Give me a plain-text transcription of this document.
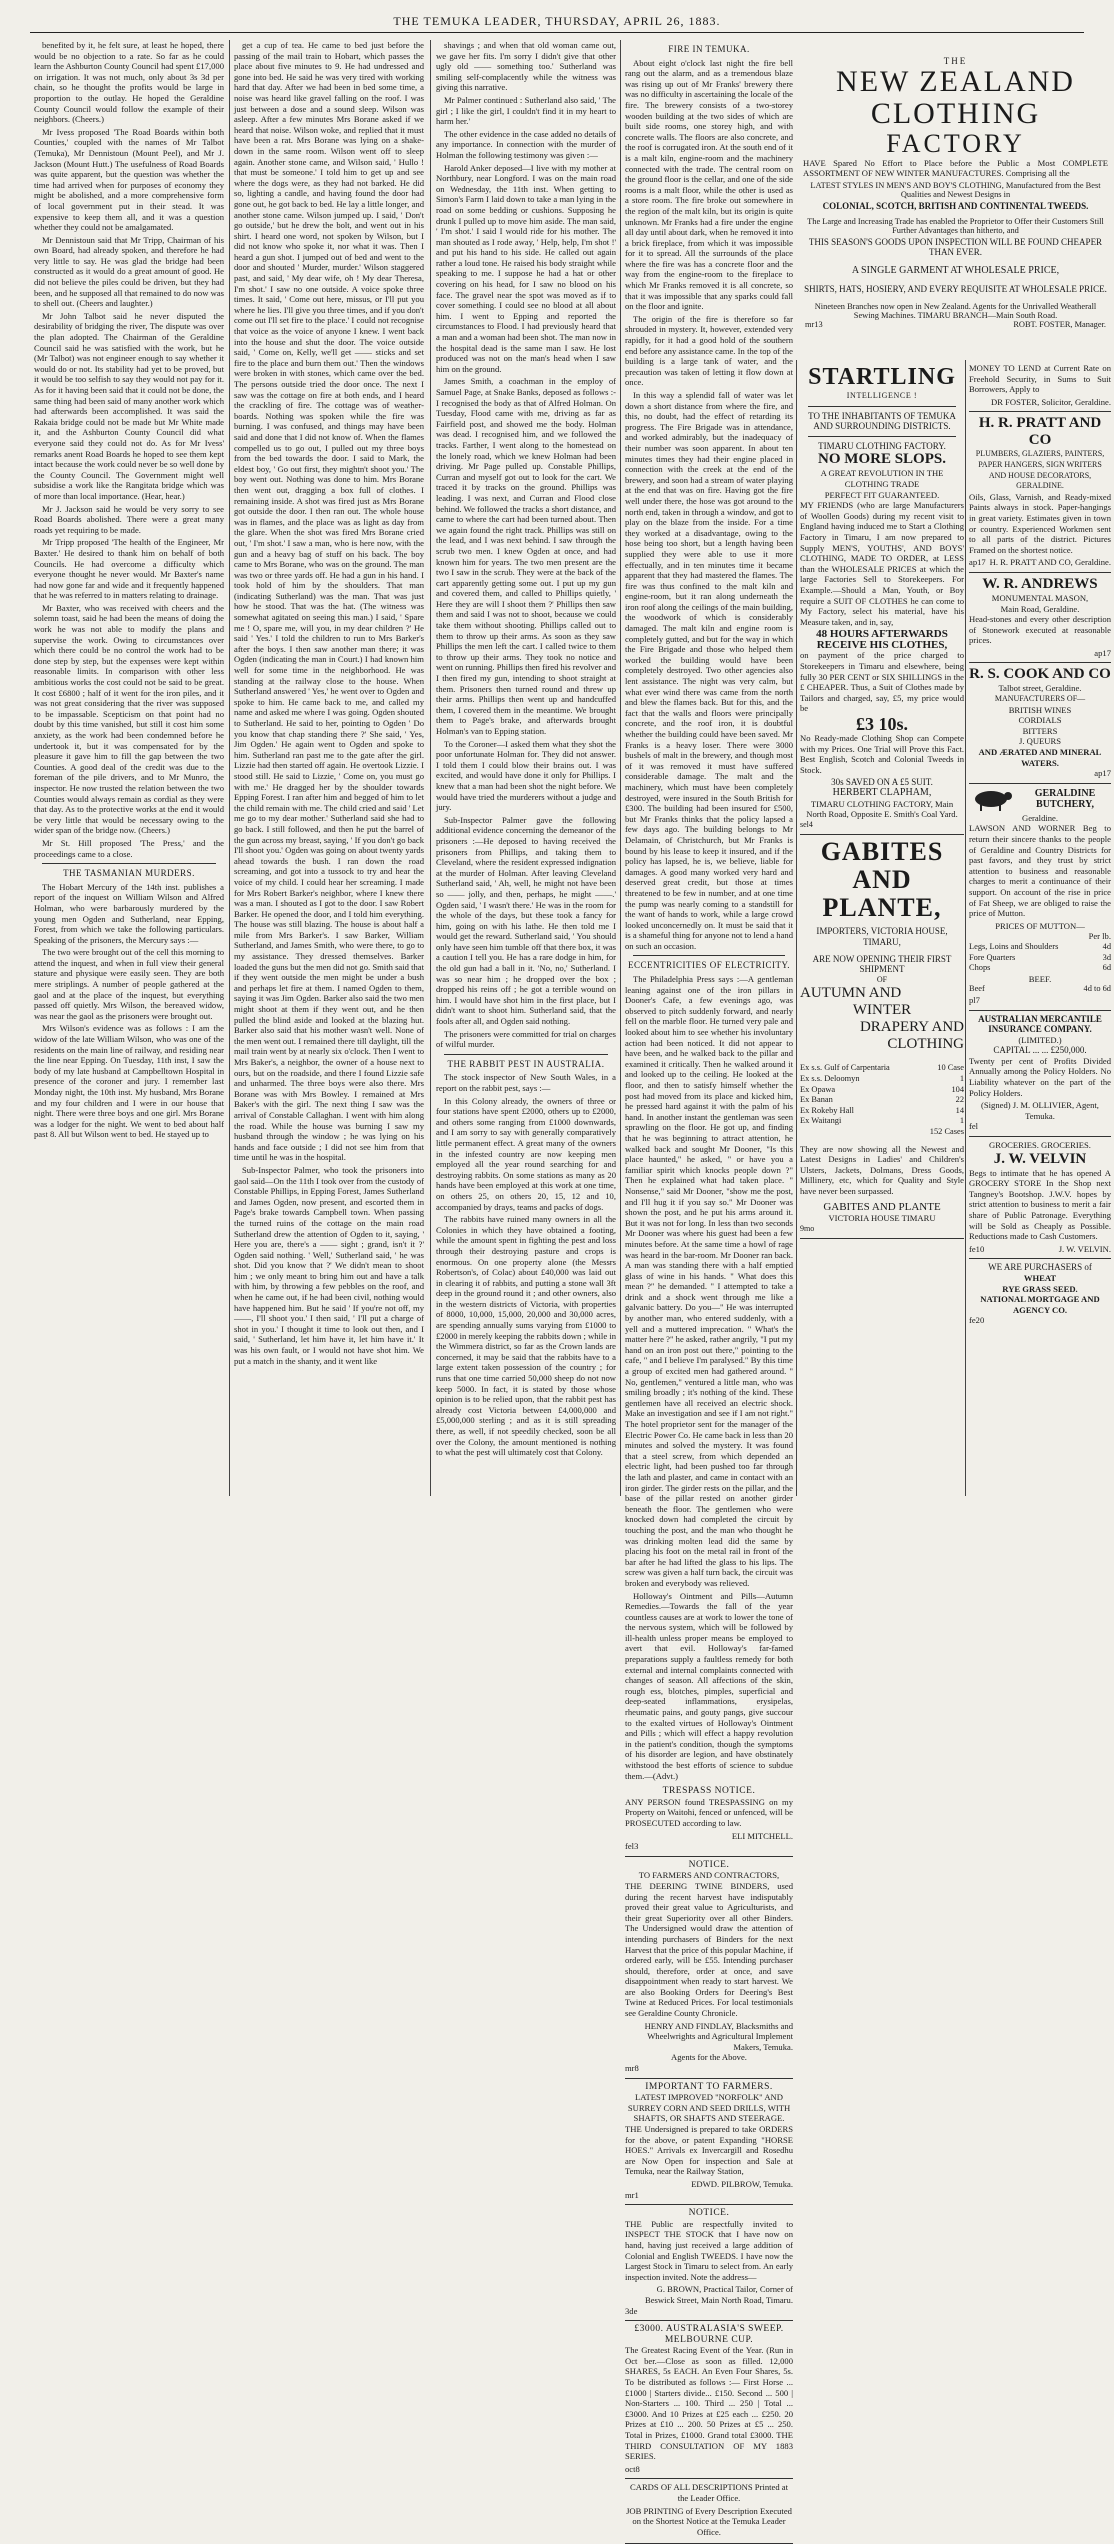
THE TEMUKA LEADER, THURSDAY, APRIL 26, 1883.

benefited by it, he felt sure, at least he hoped, there would be no objection to a rate. So far as he could learn the Ashburton County Council had spent £17,000 on irrigation. It was not much, only about 3s 3d per chain, so he thought the profits would be large in proportion to the outlay. He hoped the Geraldine County Council would follow the example of their neighbors. (Cheers.)

Mr Ivess proposed 'The Road Boards within both Counties,' coupled with the names of Mr Talbot (Temuka), Mr Dennistoun (Mount Peel), and Mr J. Jackson (Mount Hutt.) The usefulness of Road Boards was quite apparent, but the question was whether the time had arrived when for purposes of economy they might be abolished, and a more comprehensive form of local government put in their stead. It was expensive to keep them all, and it was a question whether they could not be amalgamated.

Mr Dennistoun said that Mr Tripp, Chairman of his own Board, had already spoken, and therefore he had very little to say. He was glad the bridge had been constructed as it would do a great amount of good. He did not believe the piles could be driven, but they had been, and he supposed all that remained to do now was to shell out. (Cheers and laughter.)

Mr John Talbot said he never disputed the desirability of bridging the river, The dispute was over the plan adopted. The Chairman of the Geraldine Council said he was satisfied with the work, but he (Mr Talbot) was not engineer enough to say whether it would do or not. Its stability had yet to be proved, but it would be too selfish to say they would not pay for it. As for it having been said that it could not be done, the same thing had been said of many another work which had afterwards been accomplished. It was said the Rakaia bridge could not be made but Mr White made it, and the Ashburton County Council did what everyone said they could not do. As for Mr Ivess' remarks anent Road Boards he hoped to see them kept intact because the work could never be so well done by the County Council. The Government might well subsidise a work like the Rangitata bridge which was of more than local importance. (Hear, hear.)

Mr J. Jackson said he would be very sorry to see Road Boards abolished. There were a great many roads yet requiring to be made.

Mr Tripp proposed 'The health of the Engineer, Mr Baxter.' He desired to thank him on behalf of both Councils. He had overcome a difficulty which everyone thought he never would. Mr Baxter's name had now gone far and wide and it frequently happened that he was referred to in matters relating to drainage.

Mr Baxter, who was received with cheers and the solemn toast, said he had been the means of doing the work he was not able to modify the plans and supervise the work. Owing to circumstances over which there could be no control the work had to be done step by step, but the expenses were kept within reasonable limits. In comparison with other less ambitious works the cost could not be said to be great. It cost £6800 ; half of it went for the iron piles, and it was not great considering that the river was supposed to be impassable. Scepticism on that point had no doubt by this time vanished, but still it cost him some anxiety, as the work had been condemned before he undertook it, but it was compensated for by the pleasure it gave him to fill the gap between the two Counties. A good deal of the credit was due to the foreman of the pile drivers, and to Mr Munro, the inspector. He now trusted the relation between the two Counties would always remain as cordial as they were that day. As to the protective works at the end it would be very little that would be necessary owing to the wider span of the bridge now. (Cheers.)

Mr St. Hill proposed 'The Press,' and the proceedings came to a close.

THE TASMANIAN MURDERS.

The Hobart Mercury of the 14th inst. publishes a report of the inquest on William Wilson and Alfred Holman, who were barbarously murdered by the young men Ogden and Sutherland, near Epping, Forest, from which we take the following particulars. Speaking of the prisoners, the Mercury says :—

The two were brought out of the cell this morning to attend the inquest, and when in full view their general stature and physique were easily seen. They are both mere striplings. A number of people gathered at the gaol and at the place of the inquest, but everything passed off quietly. Mrs Wilson, the bereaved widow, was near the gaol as the prisoners were brought out.

Mrs Wilson's evidence was as follows : I am the widow of the late William Wilson, who was one of the residents on the main line of railway, and residing near the line near Epping. On Tuesday, 11th inst, I saw the body of my late husband at Campbelltown Hospital in presence of the coroner and jury. I remember last Monday night, the 10th inst. My husband, Mrs Borane and my four children and I were in our house that night. There were three boys and one girl. Mrs Borane was a lodger for the night. We went to bed about half past 8. All but Wilson went to bed. He stayed up to

get a cup of tea. He came to bed just before the passing of the mail train to Hobart, which passes the place about five minutes to 9. He had undressed and gone into bed. He said he was very tired with working hard that day. After we had been in bed some time, a noise was heard like gravel falling on the roof. I was just between a dose and a sound sleep. Wilson was asleep. After a few minutes Mrs Borane asked if we heard that noise. Wilson woke, and replied that it must have been a rat. Mrs Borane was lying on a shake-down in the same room. Wilson went off to sleep again. Another stone came, and Wilson said, ' Hullo ! that must be someone.' I told him to get up and see where the dogs were, as they had not barked. He did so, lighting a candle, and having found the door had gone out, he got back to bed. He lay a little longer, and another stone came. Wilson jumped up. I said, ' Don't go outside,' but he drew the bolt, and went out in his shirt. I heard one word, not spoken by Wilson, but I did not know who spoke it, nor what it was. Then I heard a gun shot. I jumped out of bed and went to the door and shouted ' Murder, murder.' Wilson staggered past, and said, ' My dear wife, oh ! My dear Theresa, I'm shot.' I saw no one outside. A voice spoke three times. It said, ' Come out here, missus, or I'll put you where he lies. I'll give you three times, and if you don't come out I'll set fire to the place.' I could not recognise that voice as the voice of anyone I knew. I went back into the house and shut the door. The voice outside said, ' Come on, Kelly, we'll get —— sticks and set fire to the place and burn them out.' Then the windows were broken in with stones, which came over the bed. The persons outside tried the door once. The next I saw was the cottage on fire at both ends, and I heard the crackling of fire. The cottage was of weather-boards. Nothing was spoken while the fire was burning. I was confused, and things may have been said and done that I did not know of. When the flames compelled us to go out, I pulled out my three boys from the bed towards the door. I said to Mark, the eldest boy, ' Go out first, they mightn't shoot you.' The boy went out. Nothing was done to him. Mrs Borane then went out, dragging a box full of clothes. I remaining inside. A shot was fired just as Mrs Borane got outside the door. I then ran out. The whole house was in flames, and the place was as light as day from the glare. When the shot was fired Mrs Borane cried out, ' I'm shot.' I saw a man, who is here now, with the gun and a heavy bag of stuff on his back. The boy came to Mrs Borane, who was on the ground. The man was two or three yards off. He had a gun in his hand. I took hold of him by the shoulders. That man (indicating Sutherland) was the man. That was just how he stood. That was the hat. (The witness was somewhat agitated on seeing this man.) I said, ' Spare me ! O, spare me, will you, in my dear children ?' He said ' Yes.' I told the children to run to Mrs Barker's after the boys. I then saw another man there; it was Ogden (indicating the man in Court.) I had known him well for some time in the neighborhood. He was standing at the railway close to the house. When Sutherland answered ' Yes,' he went over to Ogden and spoke to him. He came back to me, and called my name and asked me where I was going. Ogden shouted to Sutherland. He said to her, pointing to Ogden ' Do you know that chap standing there ?' She said, ' Yes, Jim Ogden.' He again went to Ogden and spoke to him. Sutherland ran past me to the gate after the girl. Lizzie had then started off again. He overtook Lizzie. I stood still. He said to Lizzie, ' Come on, you must go with me.' He dragged her by the shoulder towards Epping Forest. I ran after him and begged of him to let the child remain with me. The child cried and said ' Let me go to my dear mother.' Sutherland said she had to go back. I still followed, and then he put the barrel of the gun across my breast, saying, ' If you don't go back I'll shoot you.' Ogden was going on about twenty yards ahead towards the bush. I ran down the road screaming, and got into a tussock to try and hear the voice of my child. I could hear her screaming. I made for Mrs Robert Barker's neighbor, where I knew there was a man. I shouted as I got to the door. I saw Robert Barker. He opened the door, and I told him everything. The house was still blazing. The house is about half a mile from Mrs Barker's. I saw Barker, William Sutherland, and James Smith, who were there, to go to my assistance. They dressed themselves. Barker loaded the guns but the men did not go. Smith said that if they went outside the men might be under a bush and perhaps let fire at them. I named Ogden to them, saying it was Jim Ogden. Barker also said the two men might shoot at them if they went out, and he then pulled the blind aside and looked at the blazing hut. Barker also said that his mother wasn't well. None of the men went out. I remained there till daylight, till the mail train went by at nearly six o'clock. Then I went to Mrs Baker's, a neighbor, the owner of a house next to ours, but on the roadside, and there I found Lizzie safe and unharmed. The three boys were also there. Mrs Borane was with Mrs Bowley. I remained at Mrs Baker's with the girl. The next thing I saw was the arrival of Constable Callaghan. I went with him along the road. While the house was burning I saw my husband through the window ; he was lying on his hands and face outside ; I did not see him from that time until he was in the hospital.

Sub-Inspector Palmer, who took the prisoners into gaol said—On the 11th I took over from the custody of Constable Phillips, in Epping Forest, James Sutherland and James Ogden, now present, and escorted them in Page's brake towards Campbell town. When passing the turned ruins of the cottage on the main road Sutherland drew the attention of Ogden to it, saying, ' Here you are, there's a —— sight ; grand, isn't it ?' Ogden said nothing. ' Well,' Sutherland said, ' he was shot. Did you know that ?' We didn't mean to shoot him ; we only meant to bring him out and have a talk with him, by throwing a few pebbles on the roof, and when he came out, if he had been civil, nothing would have happened him. But he said ' If you're not off, my ——, I'll shoot you.' I then said, ' I'll put a charge of shot in you.' I thought it time to look out then, and I said, ' Sutherland, let him have it, let him have it.' It was his own fault, or I would not have shot him. We put a match in the shanty, and it went like

shavings ; and when that old woman came out, we gave her fits. I'm sorry I didn't give that other ugly old —— something too.' Sutherland was smiling self-complacently while the witness was giving this narrative.

Mr Palmer continued : Sutherland also said, ' The girl ; I like the girl, I couldn't find it in my heart to harm her.'

The other evidence in the case added no details of any importance. In connection with the murder of Holman the following testimony was given :—

Harold Anker deposed—I live with my mother at Northbury, near Longford. I was on the main road on Wednesday, the 11th inst. When getting to Simon's Farm I laid down to take a man lying in the road on some bedding or cushions. Supposing he drunk I pulled up to move him aside. The man said, ' I'm shot.' I said I would ride for his mother. The man shouted as I rode away, ' Help, help, I'm shot !' and put his hand to his side. He called out again rather a loud tone. He raised his body straight while speaking to me. I suppose he had a hat or other covering on his head, for I saw no blood on his face. The gravel near the spot was moved as if to cover something. I could see no blood at all about him. I went to Epping and reported the circumstances to Flood. I had previously heard that a man and a woman had been shot. The man now in the hospital dead is the same man I saw. He lost produced was not on the man's head when I saw him on the ground.

James Smith, a coachman in the employ of Samuel Page, at Snake Banks, deposed as follows :- I recognised the body as that of Alfred Holman. On Tuesday, Flood came with me, driving as far as Fairfield post, and showed me the body. Holman was dead. I recognised him, and we followed the tracks. Farther, I went along to the homestead on the lonely road, which we knew Holman had been driving. Mr Page pulled up. Constable Phillips, Curran and myself got out to look for the cart. We traced it by tracks on the ground. Phillips was leading. I was next, and Curran and Flood close behind. We followed the tracks a short distance, and came to where the cart had been turned about. Then we again found the right track. Phillips was still on the lead, and I was next behind. I saw through the scrub two men. I knew Ogden at once, and had known him for years. The two men present are the two I saw in the scrub. They were at the back of the cart apparently getting some out. I put up my gun and covered them, and called to Phillips quietly, ' Here they are will I shoot them ?' Phillips then saw them and said I was not to shoot, because we could take them without shooting. Phillips called out to them to throw up their arms. As soon as they saw Phillips the men left the cart. I called twice to them to throw up their arms. They took no notice and went on running. Phillips then fired his revolver and I then fired my gun, intending to shoot straight at them. Prisoners then turned round and threw up their arms. Phillips then went up and handcuffed them, I covered them in the meantime. We brought them to Page's brake, and afterwards brought Holman's van to Epping station.

To the Coroner—I asked them what they shot the poor unfortunate Holman for. They did not answer. I told them I could blow their brains out. I was excited, and would have done it only for Phillips. I knew that a man had been shot the night before. We would have tried the murderers without a judge and jury.

Sub-Inspector Palmer gave the following additional evidence concerning the demeanor of the prisoners :—He deposed to having received the prisoners from Phillips, and taking them to Cleveland, where the resident expressed indignation at the murder of Holman. After leaving Cleveland Sutherland said, ' Ah, well, he might not have been so —— jolly, and then, perhaps, he might ——.' Ogden said, ' I wasn't there.' He was in the room for the whole of the days, but these took a fancy for him, going on with his lathe. He then told me I would get the reward. Sutherland said, ' You should only have seen him tumble off that there box, it was a caution I tell you. He has a rare dodge in him, for the old gun had a ball in it. 'No, no,' Sutherland. I was so near him ; he dropped over the box ; dropped his reins off ; he got a terrible wound on him. I would have shot him in the first place, but I didn't want to shoot him. Sutherland said, that the fools after all, and Ogden said nothing.

The prisoners were committed for trial on charges of wilful murder.

THE RABBIT PEST IN AUSTRALIA.

The stock inspector of New South Wales, in a report on the rabbit pest, says :—

In this Colony already, the owners of three or four stations have spent £2000, others up to £2000, and others some ranging from £1000 downwards, and I am sorry to say with generally comparatively little permanent effect. A great many of the owners in the infested country are now keeping men employed all the year round searching for and destroying rabbits. On some stations as many as 20 hands have been employed at this work at one time, on others 25, on others 20, 15, 12 and 10, accompanied by drays, teams and packs of dogs.

The rabbits have ruined many owners in all the Colonies in which they have obtained a footing, while the amount spent in fighting the pest and loss through their destroying pasture and crops is enormous. On one property alone (the Messrs Robertson's, of Colac) about £40,000 was laid out in clearing it of rabbits, and putting a stone wall 3ft deep in the ground round it ; and other owners, also in the western districts of Victoria, with properties of 8000, 10,000, 15,000, 20,000 and 30,000 acres, are spending annually sums varying from £1000 to £2000 in merely keeping the rabbits down ; while in the Wimmera district, so far as the Crown lands are concerned, it may be said that the rabbits have to a large extent taken possession of the country ; for runs that one time carried 50,000 sheep do not now keep 5000. In fact, it is stated by those whose opinion is to be relied upon, that the rabbit pest has already cost Victoria between £4,000,000 and £5,000,000 sterling ; and as it is still spreading there, as well, if not speedily checked, soon be all over the Colony, the amount mentioned is nothing to what the pest will ultimately cost that Colony.

FIRE IN TEMUKA.

About eight o'clock last night the fire bell rang out the alarm, and as a tremendous blaze was rising up out of Mr Franks' brewery there was no difficulty in ascertaining the locale of the fire. The brewery consists of a two-storey wooden building at the two sides of which are built side rooms, one storey high, and with concrete walls. The floors are also concrete, and the roof is corrugated iron. At the south end of it is a malt kiln, engine-room and the machinery connected with the trade. The central room on the ground floor is the cellar, and one of the side rooms is a malt floor, while the other is used as a store room. The fire broke out somewhere in the region of the malt kiln, but its origin is quite unknown. Mr Franks had a fire under the engine all day until about dark, when he removed it into a brick fireplace, from which it was impossible for it to spread. All the surrounds of the place where the fire was has a concrete floor and the way from the engine-room to the fireplace to which Mr Franks removed it is all concrete, so that it was impossible that any sparks could fall on the floor and ignite.

The origin of the fire is therefore so far shrouded in mystery. It, however, extended very rapidly, for it had a good hold of the southern end before any assistance came. In the top of the building is a large tank of water, and the precaution was taken of letting it flow down at once.

In this way a splendid fall of water was let down a short distance from where the fire, and this, no doubt, had the effect of retarding its progress. The Fire Brigade was in attendance, and worked admirably, but the inadequacy of their number was soon apparent. In about ten minutes times they had their engine placed in connection with the creek at the end of the brewery, and soon had a stream of water playing at the end that was on fire. Having got the fire well under there, the hose was got around to the north end, taken in through a window, and got to play on the blaze from the inside. For a time they worked at a disadvantage, owing to the hose being too short, but a length having been supplied they were able to use it more effectually, and in ten minutes time it became apparent that they had mastered the flames. The fire was thus confined to the malt kiln and engine-room, but it ran along underneath the iron roof along the ceilings of the main building, the woodwork of which is considerably damaged. The malt kiln and engine room is completely gutted, and but for the way in which the Fire Brigade and those who helped them worked the building would have been completely destroyed. Two other agencies also lent assistance. The night was very calm, but what ever wind there was came from the north and blew the flames back. But for this, and the fact that the walls and floors were principally concrete, and the roof iron, it is doubtful whether the building could have been saved. Mr Franks is a heavy loser. There were 3000 bushels of malt in the brewery, and though most of it was removed it must have suffered considerable damage. The malt and the machinery, which must have been completely destroyed, were insured in the South British for £300. The building had been insured for £500, but Mr Franks thinks that the policy lapsed a few days ago. The building belongs to Mr Delamain, of Christchurch, but Mr Franks is bound by his lease to keep it insured, and if the policy has lapsed, he is, we believe, liable for damages. A good many worked very hard and deserved great credit, but those at times threatened to be few in number, and at one time the pump was nearly coming to a standstill for the want of hands to work, while a large crowd looked unconcernedly on. It must be said that it is a shameful thing for anyone not to lend a hand on such an occasion.

ECCENTRICITIES OF ELECTRICITY.

The Philadelphia Press says :—A gentleman leaning against one of the iron pillars in Dooner's Cafe, a few evenings ago, was observed to pitch suddenly forward, and nearly fell on the marble floor. He turned very pale and looked about him to see whether his involuntary action had been noticed. It did not appear to have been, and he walked back to the pillar and examined it critically. Then he walked around it and looked up to the ceiling. He looked at the floor, and then to satisfy himself whether the post had moved from its place and kicked him, he pressed hard against it with the palm of his hand. In another instant the gentleman was seen sprawling on the floor. He got up, and finding that he was beginning to attract attention, he walked back and sought Mr Dooner, "Is this place haunted," he asked, " or have you a familiar spirit which knocks people down ?" Then he explained what had taken place. " Nonsense," said Mr Dooner, "show me the post, and I'll hug it if you say so." Mr Dooner was shown the post, and he put his arms around it. But it was not for long. In less than two seconds Mr Dooner was where his guest had been a few minutes before. At the same time a howl of rage was heard in the bar-room. Mr Dooner ran back. A man was standing there with a half emptied glass of wine in his hands. " What does this mean ?" he demanded. " I attempted to take a drink and a shock went through me like a galvanic battery. Do you—" He was interrupted by another man, who entered suddenly, with a yell and a muttered imprecation. " What's the matter here ?" he asked, rather angrily, "I put my hand on an iron post out there," pointing to the cafe, " and I believe I'm paralysed." By this time a group of excited men had gathered around. " No, gentlemen," ventured a little man, who was smiling broadly ; it's nothing of the kind. These gentlemen have all received an electric shock. Make an investigation and see if I am not right." The hotel proprietor sent for the manager of the Electric Power Co. He came back in less than 20 minutes and solved the mystery. It was found that a steel screw, from which depended an electric light, had been pushed too far through the lath and plaster, and came in contact with an iron girder. The girder rests on the pillar, and the base of the pillar rested on another girder beneath the floor. The gentlemen who were knocked down had completed the circuit by touching the post, and the man who thought he was drinking molten lead did the same by placing his foot on the metal rail in front of the bar after he had lifted the glass to his lips. The screw was given a half turn back, the circuit was broken and everybody was relieved.

Holloway's Ointment and Pills—Autumn Remedies.—Towards the fall of the year countless causes are at work to lower the tone of the nervous system, which will be followed by ill-health unless proper means be employed to avert that evil. Holloway's far-famed preparations supply a faultless remedy for both external and internal complaints connected with changes of season. All affections of the skin, rough ess, blotches, pimples, superficial and deep-seated inflammations, erysipelas, rheumatic pains, and gouty pangs, give succour to the exalted virtues of Holloway's Ointment and Pills ; which will effect a happy revolution in the patient's condition, though the symptoms of his disorder are legion, and have obstinately withstood the best efforts of science to subdue them.—(Advt.)

TRESPASS NOTICE.

ANY PERSON found TRESPASSING on my Property on Waitohi, fenced or unfenced, will be PROSECUTED according to law.

ELI MITCHELL.
fel3
NOTICE.
TO FARMERS AND CONTRACTORS,

THE DEERING TWINE BINDERS, used during the recent harvest have indisputably proved their great value to Agriculturists, and their great Superiority over all other Binders. The Undersigned would draw the attention of intending purchasers of Binders for the next Harvest that the price of this popular Machine, if ordered early, will be £55. Intending purchaser should, therefore, order at once, and save disappointment when ready to start harvest. We are also Booking Orders for Deering's Best Twine at Reduced Prices. For local testimonials see Geraldine County Chronicle.

HENRY AND FINDLAY, Blacksmiths and Wheelwrights and Agricultural Implement Makers, Temuka.
Agents for the Above.
mr8
IMPORTANT TO FARMERS.
LATEST IMPROVED "NORFOLK" AND SURREY CORN AND SEED DRILLS, WITH SHAFTS, OR SHAFTS AND STEERAGE.

THE Undersigned is prepared to take ORDERS for the above, or patent Expanding "HORSE HOES." Arrivals ex Invercargill and Rosedhu are Now Open for inspection and Sale at Temuka, near the Railway Station,

EDWD. PILBROW, Temuka.
mr1
NOTICE.

THE Public are respectfully invited to INSPECT THE STOCK that I have now on hand, having just received a large addition of Colonial and English TWEEDS. I have now the Largest Stock in Timaru to select from. An early inspection invited. Note the address—

G. BROWN, Practical Tailor, Corner of Beswick Street, Main North Road, Timaru.
3de
£3000. AUSTRALASIA'S SWEEP. MELBOURNE CUP.

The Greatest Racing Event of the Year. (Run in Oct ber.—Close as soon as filled. 12,000 SHARES, 5s EACH. An Even Four Shares, 5s. To be distributed as follows :— First Horse ... £1000 | Starters divide... £150. Second ... 500 | Non-Starters ... 100. Third ... 250 | Total ... £3000. And 10 Prizes at £25 each ... £250. 20 Prizes at £10 ... 200. 50 Prizes at £5 ... 250. Total in Prizes, £1000. Grand total £3000. THE THIRD CONSULTATION OF MY 1883 SERIES.

oct8

CARDS OF ALL DESCRIPTIONS Printed at the Leader Office.

JOB PRINTING of Every Description Executed on the Shortest Notice at the Temuka Leader Office.

THE
NEW ZEALAND CLOTHING
FACTORY
HAVE Spared No Effort to Place before the Public a Most COMPLETE ASSORTMENT OF NEW WINTER MANUFACTURES. Comprising all the
LATEST STYLES IN MEN'S AND BOY'S CLOTHING, Manufactured from the Best Qualities and Newest Designs in
COLONIAL, SCOTCH, BRITISH AND CONTINENTAL TWEEDS.
The Large and Increasing Trade has enabled the Proprietor to Offer their Customers Still Further Advantages than hitherto, and
THIS SEASON'S GOODS UPON INSPECTION WILL BE FOUND CHEAPER THAN EVER.
A SINGLE GARMENT AT WHOLESALE PRICE,
SHIRTS, HATS, HOSIERY, AND EVERY REQUISITE AT WHOLESALE PRICE.
Nineteen Branches now open in New Zealand. Agents for the Unrivalled Weatherall Sewing Machines. TIMARU BRANCH—Main South Road.
mr13	ROBT. FOSTER, Manager.
STARTLING
INTELLIGENCE !
TO THE INHABITANTS OF TEMUKA AND SURROUNDING DISTRICTS.
TIMARU CLOTHING FACTORY.
NO MORE SLOPS.
A GREAT REVOLUTION IN THE CLOTHING TRADE
PERFECT FIT GUARANTEED.

MY FRIENDS (who are large Manufacturers of Woollen Goods) during my recent visit to England having induced me to Start a Clothing Factory in Timaru, I am now prepared to Supply MEN'S, YOUTHS', AND BOYS' CLOTHING, MADE TO ORDER, at LESS than the WHOLESALE PRICES at which the large Factories Sell to Storekeepers. For Example.—Should a Man, Youth, or Boy require a SUIT OF CLOTHES he can come to My Factory, select his material, have his Measure taken, and in, say,

48 HOURS AFTERWARDS RECEIVE HIS CLOTHES,

on payment of the price charged to Storekeepers in Timaru and elsewhere, being fully 30 PER CENT or SIX SHILLINGS in the £ CHEAPER. Thus, a Suit of Clothes made by Tailors and charged, say, £5, my price would be

£3 10s.

No Ready-made Clothing Shop can Compete with my Prices. One Trial will Prove this Fact. Best English, Scotch and Colonial Tweeds in Stock.

30s SAVED ON A £5 SUIT.
HERBERT CLAPHAM,
TIMARU CLOTHING FACTORY, Main North Road, Opposite E. Smith's Coal Yard.
sel4
GABITES AND
PLANTE,
IMPORTERS, VICTORIA HOUSE, TIMARU,
ARE NOW OPENING THEIR FIRST SHIPMENT
OF
AUTUMN AND
WINTER
DRAPERY AND
CLOTHING
Ex s.s. Gulf of Carpentaria	10 Case
Ex s.s. Deloomyn	1
Ex Opawa	104
Ex Banan	22
Ex Rokeby Hall	14
Ex Waitangi	1
152 Cases

They are now showing all the Newest and Latest Designs in Ladies' and Children's Ulsters, Jackets, Dolmans, Dress Goods, Millinery, etc, which for Quality and Style have never been surpassed.

GABITES AND PLANTE
VICTORIA HOUSE TIMARU
9mo

MONEY TO LEND at Current Rate on Freehold Security, in Sums to Suit Borrowers, Apply to

DR FOSTER, Solicitor, Geraldine.
H. R. PRATT AND CO
PLUMBERS, GLAZIERS, PAINTERS, PAPER HANGERS, SIGN WRITERS AND HOUSE DECORATORS,
GERALDINE.

Oils, Glass, Varnish, and Ready-mixed Paints always in stock. Paper-hangings in great variety. Estimates given in town or country. Experienced Workmen sent to all parts of the district. Pictures Framed on the shortest notice.

ap17 H. R. PRATT AND CO, Geraldine.
W. R. ANDREWS
MONUMENTAL MASON,
Main Road, Geraldine.

Head-stones and every other description of Stonework executed at reasonable prices.

ap17
R. S. COOK AND CO
Talbot street, Geraldine.
MANUFACTURERS OF—
BRITISH WINES
CORDIALS
BITTERS
J. QUEURS
AND ÆRATED AND MINERAL WATERS.
ap17
GERALDINE BUTCHERY,
Geraldine.

LAWSON AND WORNER Beg to return their sincere thanks to the people of Geraldine and Country Districts for past favors, and they trust by strict attention to business and reasonable charges to merit a continuance of their support. On account of the rise in price of Fat Sheep, we are obliged to raise the price of Mutton.

PRICES OF MUTTON—
Per lb.
Legs, Loins and Shoulders	4d
Fore Quarters	3d
Chops	6d
BEEF.
Beef	4d to 6d
pl7
AUSTRALIAN MERCANTILE INSURANCE COMPANY.
(LIMITED.)
CAPITAL ... ... £250,000.

Twenty per cent of Profits Divided Annually among the Policy Holders. No Liability whatever on the part of the Policy Holders.

(Signed) J. M. OLLIVIER, Agent, Temuka.
fel
GROCERIES. GROCERIES.
J. W. VELVIN

Begs to intimate that he has opened A GROCERY STORE In the Shop next Tangney's Bootshop. J.W.V. hopes by strict attention to business to merit a fair share of Public Patronage. Everything will be Sold as Cheaply as Possible. Reductions made to Cash Customers.

fe10	J. W. VELVIN.
WE ARE PURCHASERS of
WHEAT
RYE GRASS SEED.
NATIONAL MORTGAGE AND AGENCY CO.
fe20
